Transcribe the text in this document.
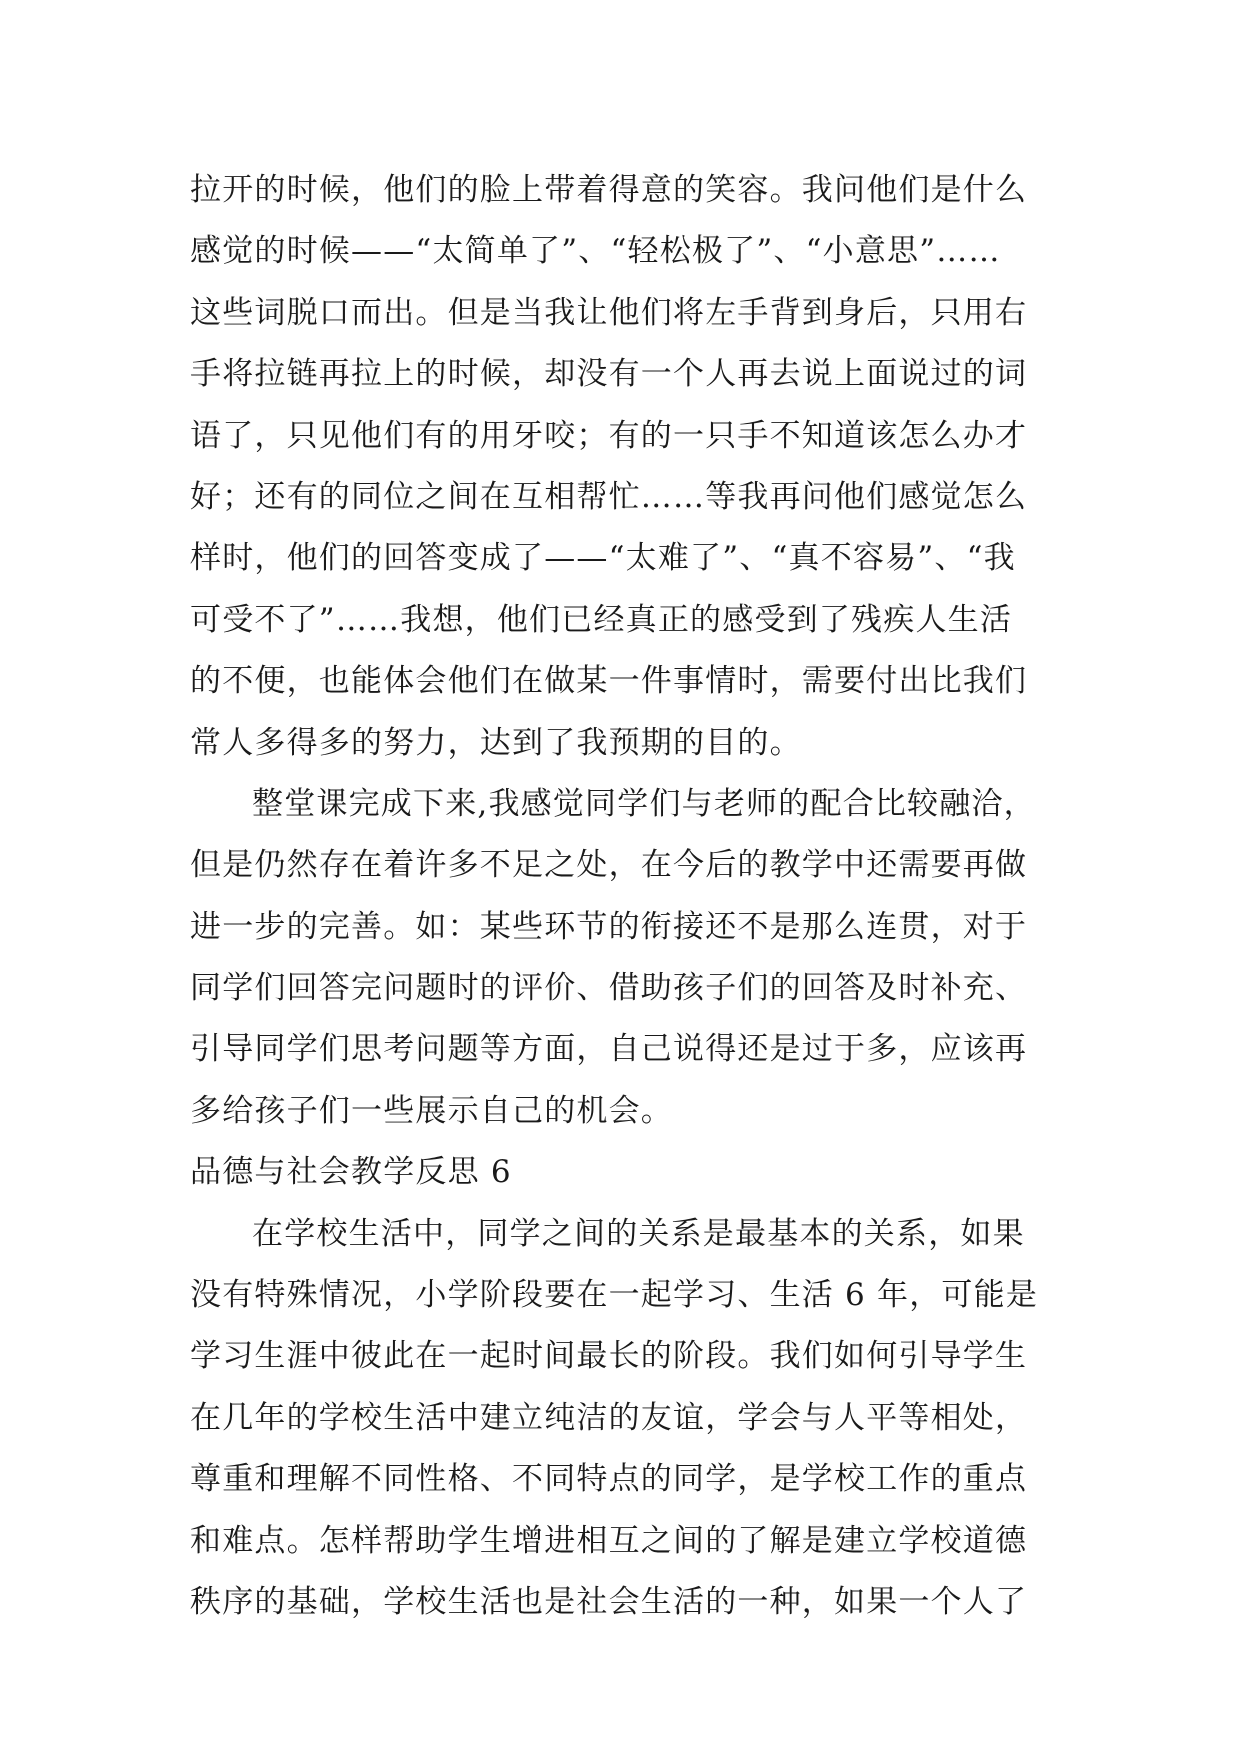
拉开的时候，他们的脸上带着得意的笑容。我问他们是什么
感觉的时候——“太简单了”、“轻松极了”、“小意思”……
这些词脱口而出。但是当我让他们将左手背到身后，只用右
手将拉链再拉上的时候，却没有一个人再去说上面说过的词
语了，只见他们有的用牙咬；有的一只手不知道该怎么办才
好；还有的同位之间在互相帮忙……等我再问他们感觉怎么
样时，他们的回答变成了——“太难了”、“真不容易”、“我
可受不了”……我想，他们已经真正的感受到了残疾人生活
的不便，也能体会他们在做某一件事情时，需要付出比我们
常人多得多的努力，达到了我预期的目的。
整堂课完成下来,我感觉同学们与老师的配合比较融洽，
但是仍然存在着许多不足之处，在今后的教学中还需要再做
进一步的完善。如：某些环节的衔接还不是那么连贯，对于
同学们回答完问题时的评价、借助孩子们的回答及时补充、
引导同学们思考问题等方面，自己说得还是过于多，应该再
多给孩子们一些展示自己的机会。
品德与社会教学反思 6
在学校生活中，同学之间的关系是最基本的关系，如果
没有特殊情况，小学阶段要在一起学习、生活 6 年，可能是
学习生涯中彼此在一起时间最长的阶段。我们如何引导学生
在几年的学校生活中建立纯洁的友谊，学会与人平等相处，
尊重和理解不同性格、不同特点的同学，是学校工作的重点
和难点。怎样帮助学生增进相互之间的了解是建立学校道德
秩序的基础，学校生活也是社会生活的一种，如果一个人了
